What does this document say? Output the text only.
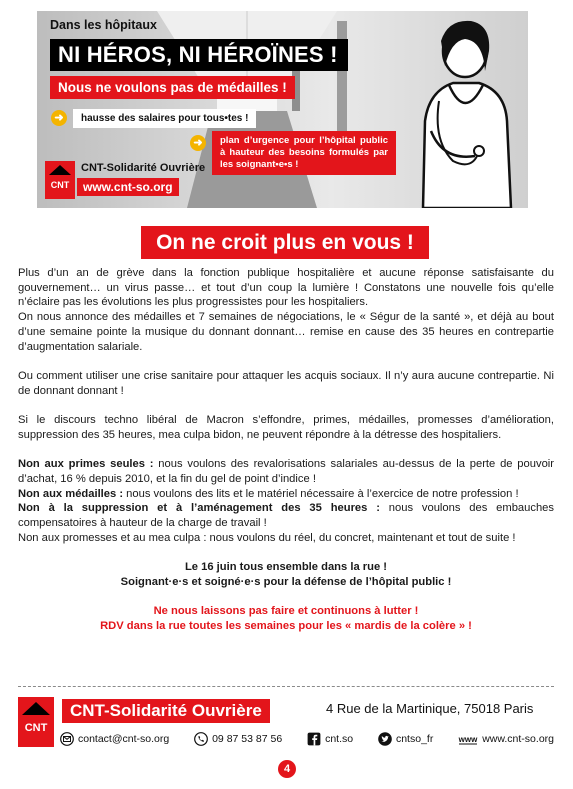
Dans les hôpitaux
NI HÉROS, NI HÉROÏNES !
Nous ne voulons pas de médailles !
➜	hausse des salaires pour tous•tes !
➜	plan d’urgence pour l’hôpital public à hauteur des besoins formulés par les soignant•e•s !
CNT
CNT-Solidarité Ouvrière
www.cnt-so.org
On ne croit plus en vous !

Plus d’un an de grève dans la fonction publique hospitalière et aucune réponse satisfaisante du gouvernement… un virus passe… et tout d’un coup la lumière ! Constatons une nouvelle fois qu’elle n’éclaire pas les évolutions les plus progressistes pour les hospitaliers.

On nous annonce des médailles et 7 semaines de négociations, le « Ségur de la santé », et déjà au bout d’une semaine pointe la musique du donnant donnant… remise en cause des 35 heures en contrepartie d’augmentation salariale.

Ou comment utiliser une crise sanitaire pour attaquer les acquis sociaux. Il n’y aura aucune contrepartie. Ni de donnant donnant !

Si le discours techno libéral de Macron s’effondre, primes, médailles, promesses d’amélioration, suppression des 35 heures, mea culpa bidon, ne peuvent répondre à la détresse des hospitaliers.

Non aux primes seules : nous voulons des revalorisations salariales au-dessus de la perte de pouvoir d’achat, 16 % depuis 2010, et la fin du gel de point d’indice !

Non aux médailles : nous voulons des lits et le matériel nécessaire à l’exercice de notre profession !

Non à la suppression et à l’aménagement des 35 heures : nous voulons des embauches compensatoires à hauteur de la charge de travail !

Non aux promesses et au mea culpa : nous voulons du réel, du concret, maintenant et tout de suite !

Le 16 juin tous ensemble dans la rue !

Soignant·e·s et soigné·e·s pour la défense de l’hôpital public !

Ne nous laissons pas faire et continuons à lutter !

RDV dans la rue toutes les semaines pour les « mardis de la colère » !

CNT
CNT-Solidarité Ouvrière	4 Rue de la Martinique, 75018 Paris
contact@cnt-so.org	09 87 53 87 56	cnt.so	cntso_fr	www www.cnt-so.org
4
